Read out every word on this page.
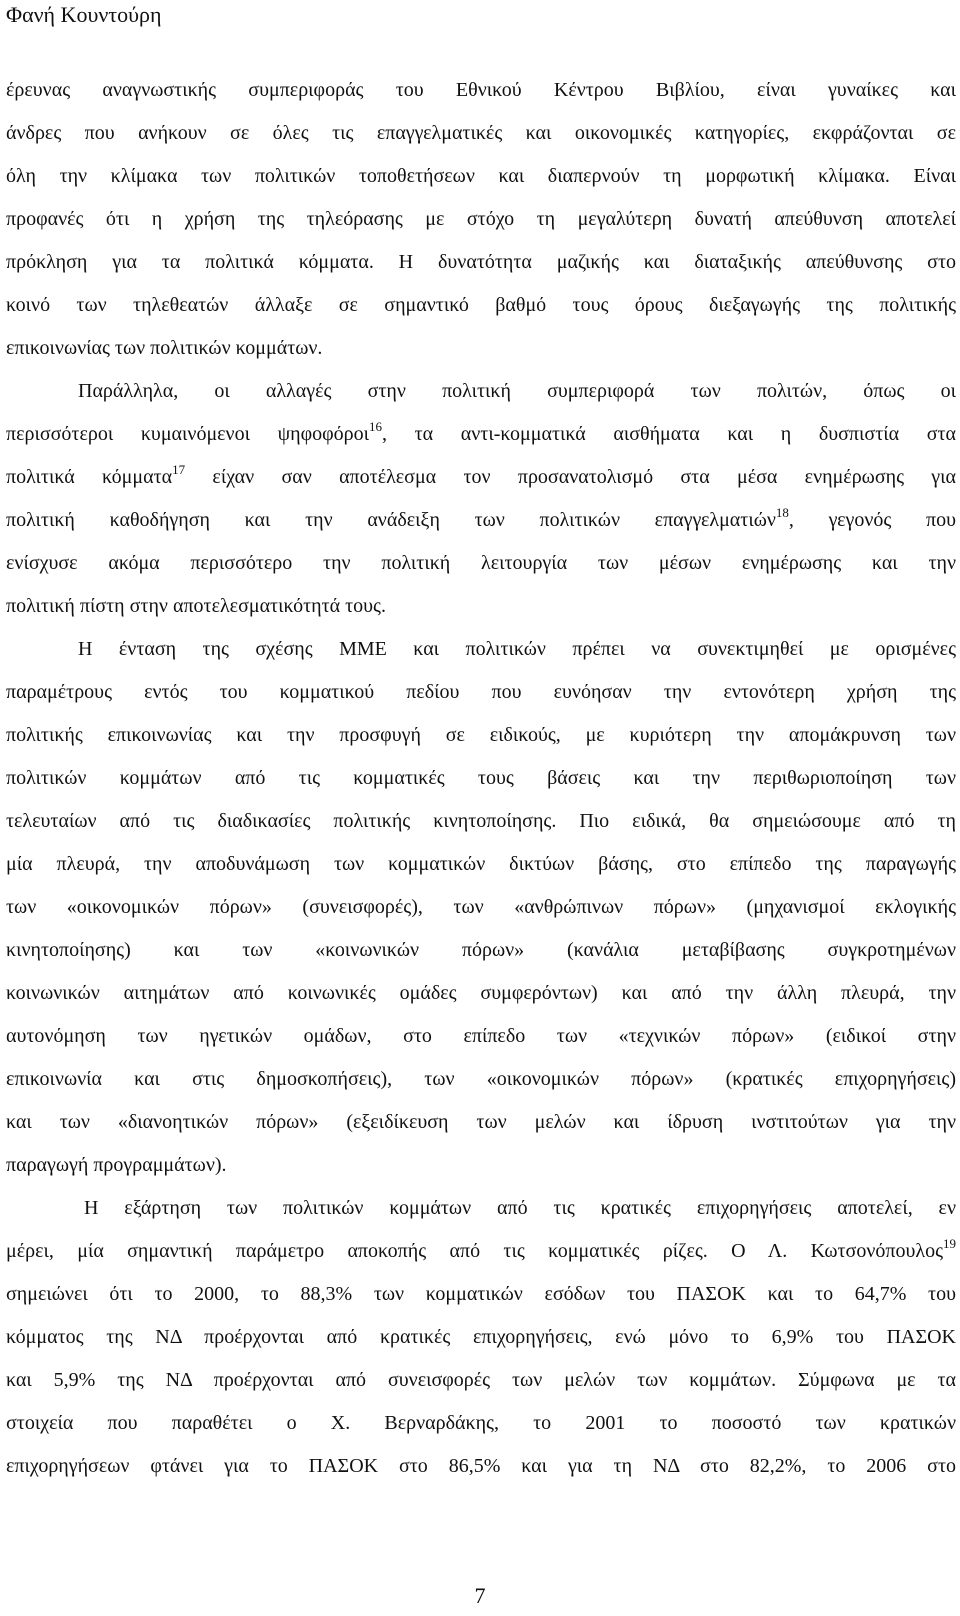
Φανή Κουντούρη
έρευνας αναγνωστικής συμπεριφοράς του Εθνικού Κέντρου Βιβλίου, είναι γυναίκες και
άνδρες που ανήκουν σε όλες τις επαγγελματικές και οικονομικές κατηγορίες, εκφράζονται σε
όλη την κλίμακα των πολιτικών τοποθετήσεων και διαπερνούν τη μορφωτική κλίμακα. Είναι
προφανές ότι η χρήση της τηλεόρασης με στόχο τη μεγαλύτερη δυνατή απεύθυνση αποτελεί
πρόκληση για τα πολιτικά κόμματα. Η δυνατότητα μαζικής και διαταξικής απεύθυνσης στο
κοινό των τηλεθεατών άλλαξε σε σημαντικό βαθμό τους όρους διεξαγωγής της πολιτικής
επικοινωνίας των πολιτικών κομμάτων.
Παράλληλα, οι αλλαγές στην πολιτική συμπεριφορά των πολιτών, όπως οι
περισσότεροι κυμαινόμενοι ψηφοφόροι$^{16}$, τα αντι-κομματικά αισθήματα και η δυσπιστία στα
πολιτικά κόμματα$^{17}$ είχαν σαν αποτέλεσμα τον προσανατολισμό στα μέσα ενημέρωσης για
πολιτική καθοδήγηση και την ανάδειξη των πολιτικών επαγγελματιών$^{18}$, γεγονός που
ενίσχυσε ακόμα περισσότερο την πολιτική λειτουργία των μέσων ενημέρωσης και την
πολιτική πίστη στην αποτελεσματικότητά τους.
Η ένταση της σχέσης ΜΜΕ και πολιτικών πρέπει να συνεκτιμηθεί με ορισμένες
παραμέτρους εντός του κομματικού πεδίου που ευνόησαν την εντονότερη χρήση της
πολιτικής επικοινωνίας και την προσφυγή σε ειδικούς, με κυριότερη την απομάκρυνση των
πολιτικών κομμάτων από τις κομματικές τους βάσεις και την περιθωριοποίηση των
τελευταίων από τις διαδικασίες πολιτικής κινητοποίησης. Πιο ειδικά, θα σημειώσουμε από τη
μία πλευρά, την αποδυνάμωση των κομματικών δικτύων βάσης, στο επίπεδο της παραγωγής
των «οικονομικών πόρων» (συνεισφορές), των «ανθρώπινων πόρων» (μηχανισμοί εκλογικής
κινητοποίησης) και των «κοινωνικών πόρων» (κανάλια μεταβίβασης συγκροτημένων
κοινωνικών αιτημάτων από κοινωνικές ομάδες συμφερόντων) και από την άλλη πλευρά, την
αυτονόμηση των ηγετικών ομάδων, στο επίπεδο των «τεχνικών πόρων» (ειδικοί στην
επικοινωνία και στις δημοσκοπήσεις), των «οικονομικών πόρων» (κρατικές επιχορηγήσεις)
και των «διανοητικών πόρων» (εξειδίκευση των μελών και ίδρυση ινστιτούτων για την
παραγωγή προγραμμάτων).
Η εξάρτηση των πολιτικών κομμάτων από τις κρατικές επιχορηγήσεις αποτελεί, εν
μέρει, μία σημαντική παράμετρο αποκοπής από τις κομματικές ρίζες. Ο Λ. Κωτσονόπουλος$^{19}$
σημειώνει ότι το 2000, το 88,3% των κομματικών εσόδων του ΠΑΣΟΚ και το 64,7% του
κόμματος της ΝΔ προέρχονται από κρατικές επιχορηγήσεις, ενώ μόνο το 6,9% του ΠΑΣΟΚ
και 5,9% της ΝΔ προέρχονται από συνεισφορές των μελών των κομμάτων. Σύμφωνα με τα
στοιχεία που παραθέτει ο Χ. Βερναρδάκης, το 2001 το ποσοστό των κρατικών
επιχορηγήσεων φτάνει για το ΠΑΣΟΚ στο 86,5% και για τη ΝΔ στο 82,2%, το 2006 στο
7
